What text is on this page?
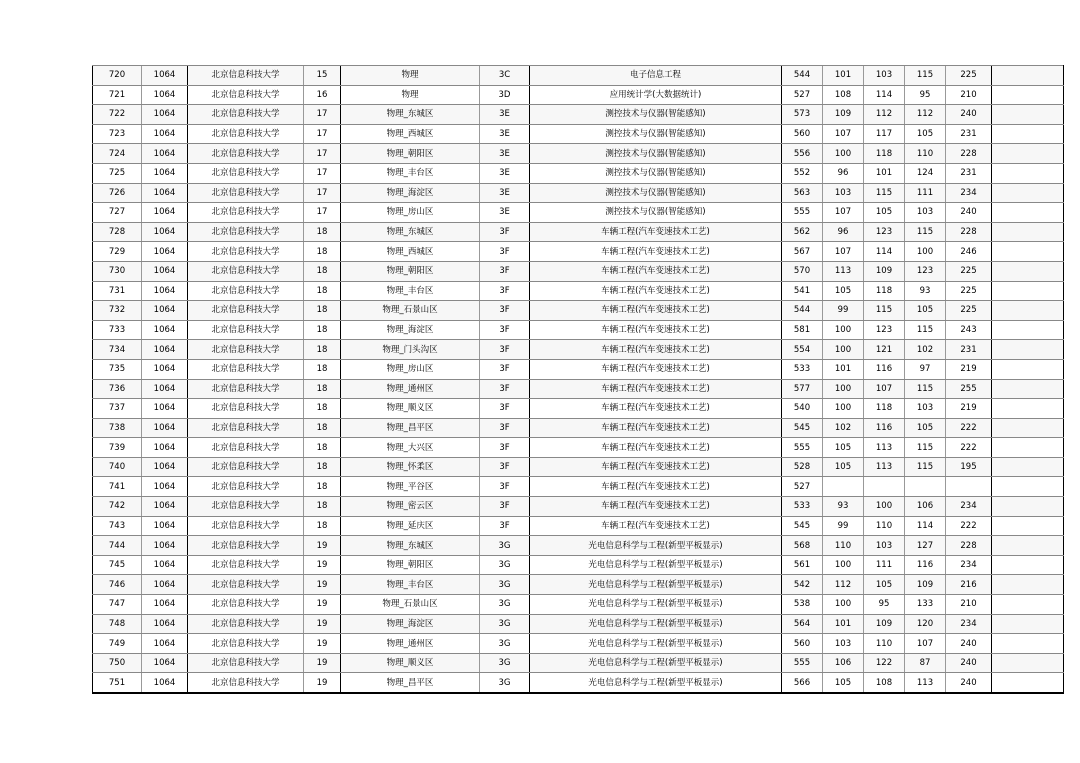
720	1064	北京信息科技大学	15	物理	3C	电子信息工程	544	101	103	115	225	
721	1064	北京信息科技大学	16	物理	3D	应用统计学(大数据统计)	527	108	114	95	210	
722	1064	北京信息科技大学	17	物理_东城区	3E	测控技术与仪器(智能感知)	573	109	112	112	240	
723	1064	北京信息科技大学	17	物理_西城区	3E	测控技术与仪器(智能感知)	560	107	117	105	231	
724	1064	北京信息科技大学	17	物理_朝阳区	3E	测控技术与仪器(智能感知)	556	100	118	110	228	
725	1064	北京信息科技大学	17	物理_丰台区	3E	测控技术与仪器(智能感知)	552	96	101	124	231	
726	1064	北京信息科技大学	17	物理_海淀区	3E	测控技术与仪器(智能感知)	563	103	115	111	234	
727	1064	北京信息科技大学	17	物理_房山区	3E	测控技术与仪器(智能感知)	555	107	105	103	240	
728	1064	北京信息科技大学	18	物理_东城区	3F	车辆工程(汽车变速技术工艺)	562	96	123	115	228	
729	1064	北京信息科技大学	18	物理_西城区	3F	车辆工程(汽车变速技术工艺)	567	107	114	100	246	
730	1064	北京信息科技大学	18	物理_朝阳区	3F	车辆工程(汽车变速技术工艺)	570	113	109	123	225	
731	1064	北京信息科技大学	18	物理_丰台区	3F	车辆工程(汽车变速技术工艺)	541	105	118	93	225	
732	1064	北京信息科技大学	18	物理_石景山区	3F	车辆工程(汽车变速技术工艺)	544	99	115	105	225	
733	1064	北京信息科技大学	18	物理_海淀区	3F	车辆工程(汽车变速技术工艺)	581	100	123	115	243	
734	1064	北京信息科技大学	18	物理_门头沟区	3F	车辆工程(汽车变速技术工艺)	554	100	121	102	231	
735	1064	北京信息科技大学	18	物理_房山区	3F	车辆工程(汽车变速技术工艺)	533	101	116	97	219	
736	1064	北京信息科技大学	18	物理_通州区	3F	车辆工程(汽车变速技术工艺)	577	100	107	115	255	
737	1064	北京信息科技大学	18	物理_顺义区	3F	车辆工程(汽车变速技术工艺)	540	100	118	103	219	
738	1064	北京信息科技大学	18	物理_昌平区	3F	车辆工程(汽车变速技术工艺)	545	102	116	105	222	
739	1064	北京信息科技大学	18	物理_大兴区	3F	车辆工程(汽车变速技术工艺)	555	105	113	115	222	
740	1064	北京信息科技大学	18	物理_怀柔区	3F	车辆工程(汽车变速技术工艺)	528	105	113	115	195	
741	1064	北京信息科技大学	18	物理_平谷区	3F	车辆工程(汽车变速技术工艺)	527					
742	1064	北京信息科技大学	18	物理_密云区	3F	车辆工程(汽车变速技术工艺)	533	93	100	106	234	
743	1064	北京信息科技大学	18	物理_延庆区	3F	车辆工程(汽车变速技术工艺)	545	99	110	114	222	
744	1064	北京信息科技大学	19	物理_东城区	3G	光电信息科学与工程(新型平板显示)	568	110	103	127	228	
745	1064	北京信息科技大学	19	物理_朝阳区	3G	光电信息科学与工程(新型平板显示)	561	100	111	116	234	
746	1064	北京信息科技大学	19	物理_丰台区	3G	光电信息科学与工程(新型平板显示)	542	112	105	109	216	
747	1064	北京信息科技大学	19	物理_石景山区	3G	光电信息科学与工程(新型平板显示)	538	100	95	133	210	
748	1064	北京信息科技大学	19	物理_海淀区	3G	光电信息科学与工程(新型平板显示)	564	101	109	120	234	
749	1064	北京信息科技大学	19	物理_通州区	3G	光电信息科学与工程(新型平板显示)	560	103	110	107	240	
750	1064	北京信息科技大学	19	物理_顺义区	3G	光电信息科学与工程(新型平板显示)	555	106	122	87	240	
751	1064	北京信息科技大学	19	物理_昌平区	3G	光电信息科学与工程(新型平板显示)	566	105	108	113	240	
